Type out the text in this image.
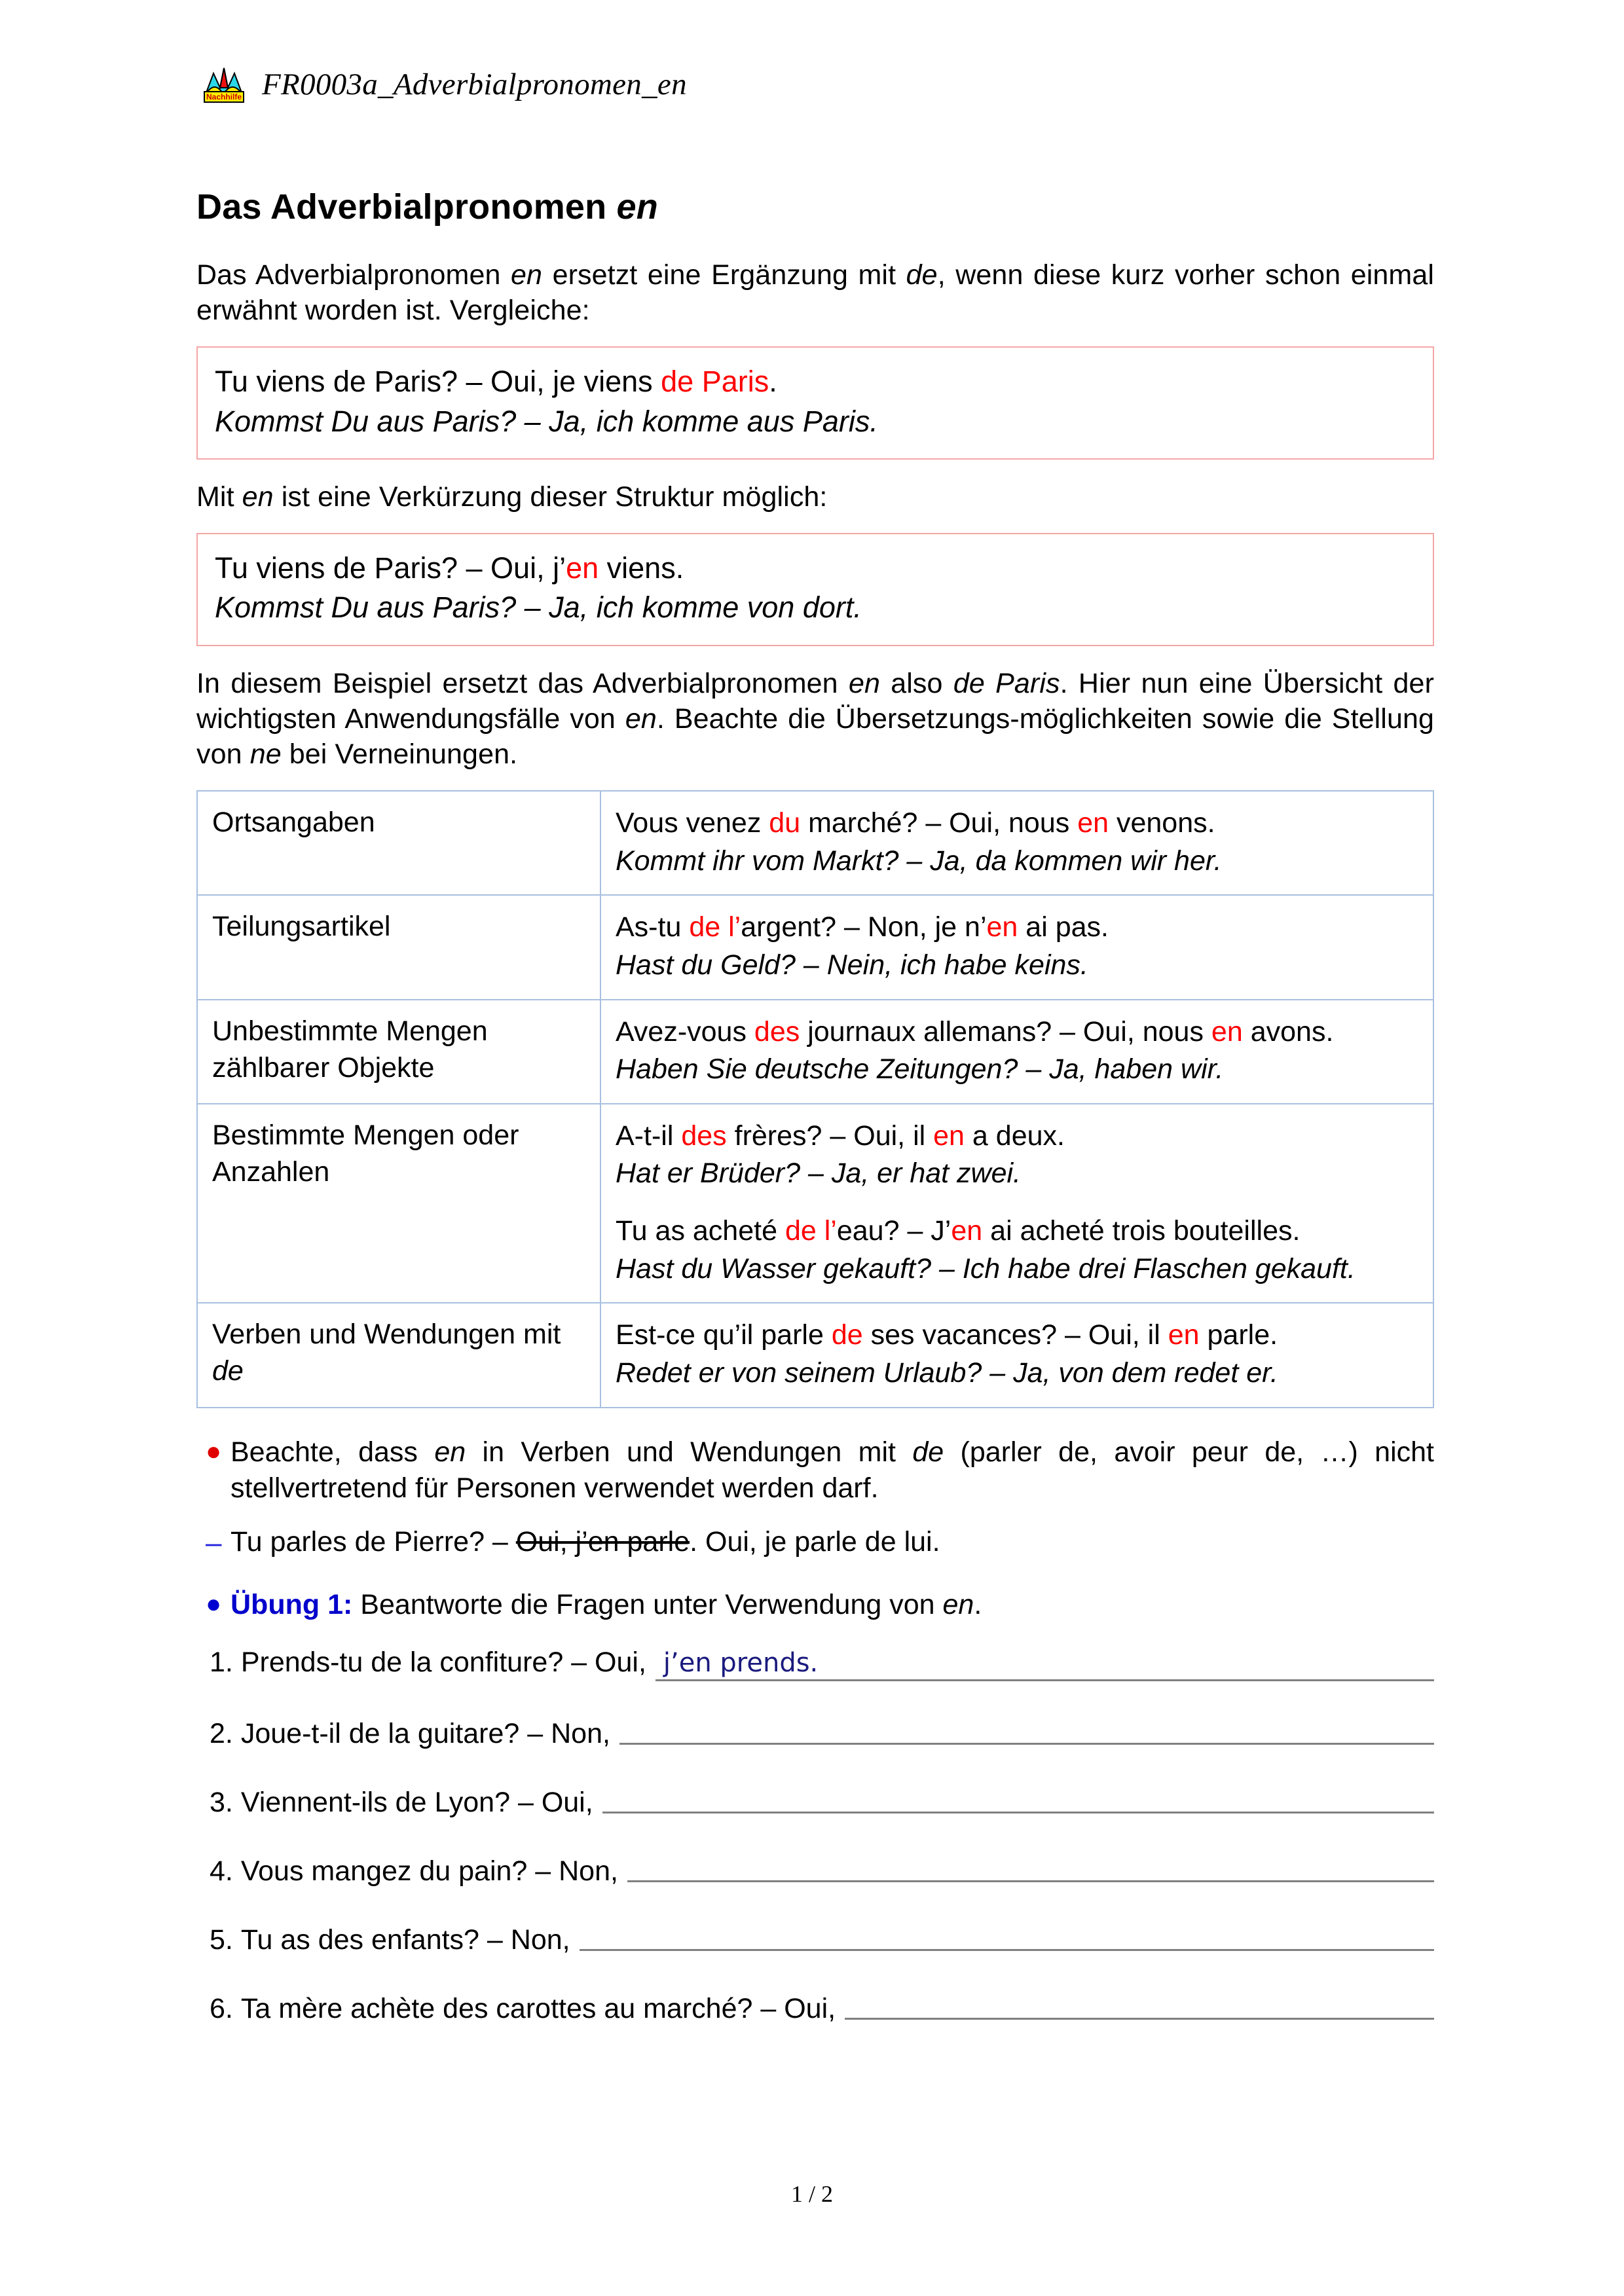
Nachhilfe FR0003a_Adverbialpronomen_en
Das Adverbialpronomen en

Das Adverbialpronomen en ersetzt eine Ergänzung mit de, wenn diese kurz vorher schon einmal erwähnt worden ist. Vergleiche:

Tu viens de Paris? – Oui, je viens de Paris.
Kommst Du aus Paris? – Ja, ich komme aus Paris.

Mit en ist eine Verkürzung dieser Struktur möglich:

Tu viens de Paris? – Oui, j’en viens.
Kommst Du aus Paris? – Ja, ich komme von dort.

In diesem Beispiel ersetzt das Adverbialpronomen en also de Paris. Hier nun eine Übersicht der wichtigsten Anwendungsfälle von en. Beachte die Übersetzungs-möglichkeiten sowie die Stellung von ne bei Verneinungen.

Ortsangaben	Vous venez du marché? – Oui, nous en venons.
Kommt ihr vom Markt? – Ja, da kommen wir her.

Teilungsartikel	As-tu de l’argent? – Non, je n’en ai pas.
Hast du Geld? – Nein, ich habe keins.

Unbestimmte Mengen zählbarer Objekte	Avez-vous des journaux allemans? – Oui, nous en avons.
Haben Sie deutsche Zeitungen? – Ja, haben wir.

Bestimmte Mengen oder Anzahlen	A-t-il des frères? – Oui, il en a deux.
Hat er Brüder? – Ja, er hat zwei.
Tu as acheté de l’eau? – J’en ai acheté trois bouteilles.
Hast du Wasser gekauft? – Ich habe drei Flaschen gekauft.

Verben und Wendungen mit de	Est-ce qu’il parle de ses vacances? – Oui, il en parle.
Redet er von seinem Urlaub? – Ja, von dem redet er.
● Beachte, dass en in Verben und Wendungen mit de (parler de, avoir peur de, …) nicht stellvertretend für Personen verwendet werden darf.
– Tu parles de Pierre? – Oui, j’en parle. Oui, je parle de lui.
● Übung 1: Beantworte die Fragen unter Verwendung von en.
1. Prends-tu de la confiture? – Oui, j’en prends.
2. Joue-t-il de la guitare? – Non,
3. Viennent-ils de Lyon? – Oui,
4. Vous mangez du pain? – Non,
5. Tu as des enfants? – Non,
6. Ta mère achète des carottes au marché? – Oui,
1 / 2
